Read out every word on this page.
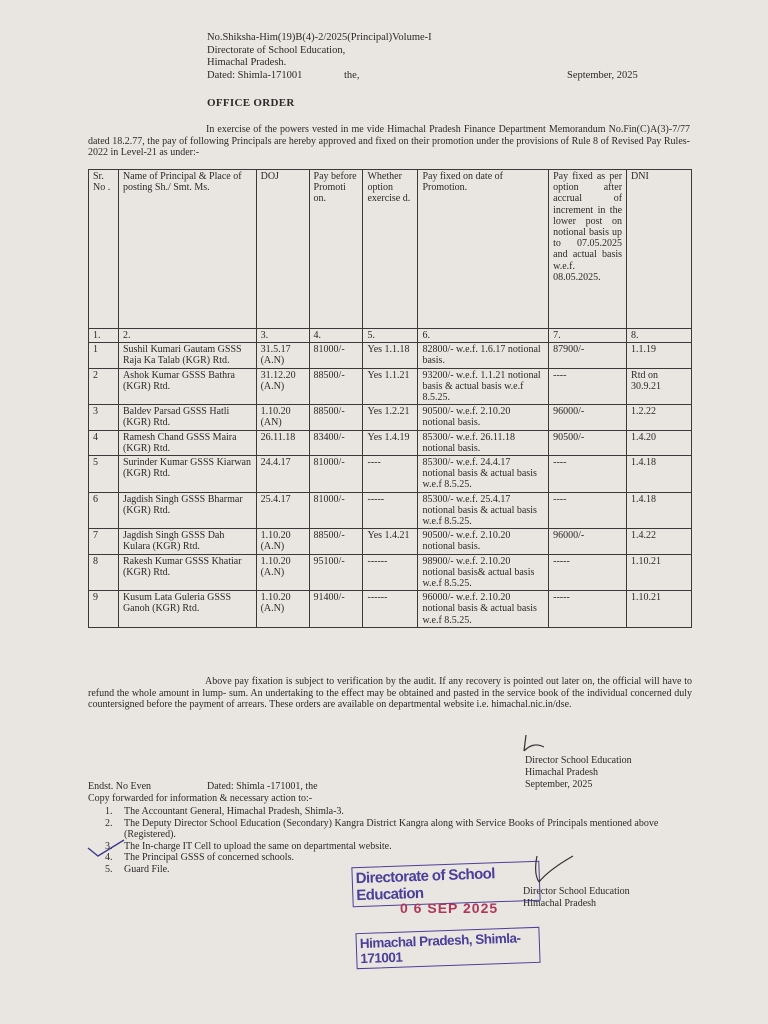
No.Shiksha-Him(19)B(4)-2/2025(Principal)Volume-I
Directorate of School Education,
Himachal Pradesh.
Dated: Shimla-171001	the,	September, 2025
OFFICE ORDER
In exercise of the powers vested in me vide Himachal Pradesh Finance Department Memorandum No.Fin(C)A(3)-7/77 dated 18.2.77, the pay of following Principals are hereby approved and fixed on their promotion under the provisions of Rule 8 of Revised Pay Rules-2022 in Level-21 as under:-
Sr. No .	Name of Principal & Place of posting Sh./ Smt. Ms.	DOJ	Pay before Promoti on.	Whether option exercise d.	Pay fixed on date of Promotion.	Pay fixed as per option after accrual of increment in the lower post on notional basis up to 07.05.2025 and actual basis w.e.f. 08.05.2025.	DNI
1.	2.	3.	4.	5.	6.	7.	8.
1	Sushil Kumari Gautam GSSS Raja Ka Talab (KGR) Rtd.	31.5.17 (A.N)	81000/-	Yes 1.1.18	82800/- w.e.f. 1.6.17 notional basis.	87900/-	1.1.19
2	Ashok Kumar GSSS Bathra (KGR) Rtd.	31.12.20 (A.N)	88500/-	Yes 1.1.21	93200/- w.e.f. 1.1.21 notional basis & actual basis w.e.f 8.5.25.	----	Rtd on 30.9.21
3	Baldev Parsad GSSS Hatli (KGR) Rtd.	1.10.20 (AN)	88500/-	Yes 1.2.21	90500/- w.e.f. 2.10.20 notional basis.	96000/-	1.2.22
4	Ramesh Chand GSSS Maira (KGR) Rtd.	26.11.18	83400/-	Yes 1.4.19	85300/- w.e.f. 26.11.18 notional basis.	90500/-	1.4.20
5	Surinder Kumar GSSS Kiarwan (KGR) Rtd.	24.4.17	81000/-	----	85300/- w.e.f. 24.4.17 notional basis & actual basis w.e.f 8.5.25.	----	1.4.18
6	Jagdish Singh GSSS Bharmar (KGR) Rtd.	25.4.17	81000/-	-----	85300/- w.e.f. 25.4.17 notional basis & actual basis w.e.f 8.5.25.	----	1.4.18
7	Jagdish Singh GSSS Dah Kulara (KGR) Rtd.	1.10.20 (A.N)	88500/-	Yes 1.4.21	90500/- w.e.f. 2.10.20 notional basis.	96000/-	1.4.22
8	Rakesh Kumar GSSS Khatiar (KGR) Rtd.	1.10.20 (A.N)	95100/-	------	98900/- w.e.f. 2.10.20 notional basis& actual basis w.e.f 8.5.25.	-----	1.10.21
9	Kusum Lata Guleria GSSS Ganoh (KGR) Rtd.	1.10.20 (A.N)	91400/-	------	96000/- w.e.f. 2.10.20 notional basis & actual basis w.e.f 8.5.25.	-----	1.10.21
Above pay fixation is subject to verification by the audit. If any recovery is pointed out later on, the official will have to refund the whole amount in lump- sum. An undertaking to the effect may be obtained and pasted in the service book of the individual concerned duly countersigned before the payment of arrears. These orders are available on departmental website i.e. himachal.nic.in/dse.
Director School Education
Himachal Pradesh
September, 2025
Endst. No Even	Dated: Shimla -171001, the
Copy forwarded for information & necessary action to:-
1. The Accountant General, Himachal Pradesh, Shimla-3.
2. The Deputy Director School Education (Secondary) Kangra District Kangra along with Service Books of Principals mentioned above (Registered).
3. The In-charge IT Cell to upload the same on departmental website.
4. The Principal GSSS of concerned schools.
5. Guard File.	Directorate of School Education
0 6 SEP 2025
Himachal Pradesh, Shimla-171001
Director School Education
Himachal Pradesh
